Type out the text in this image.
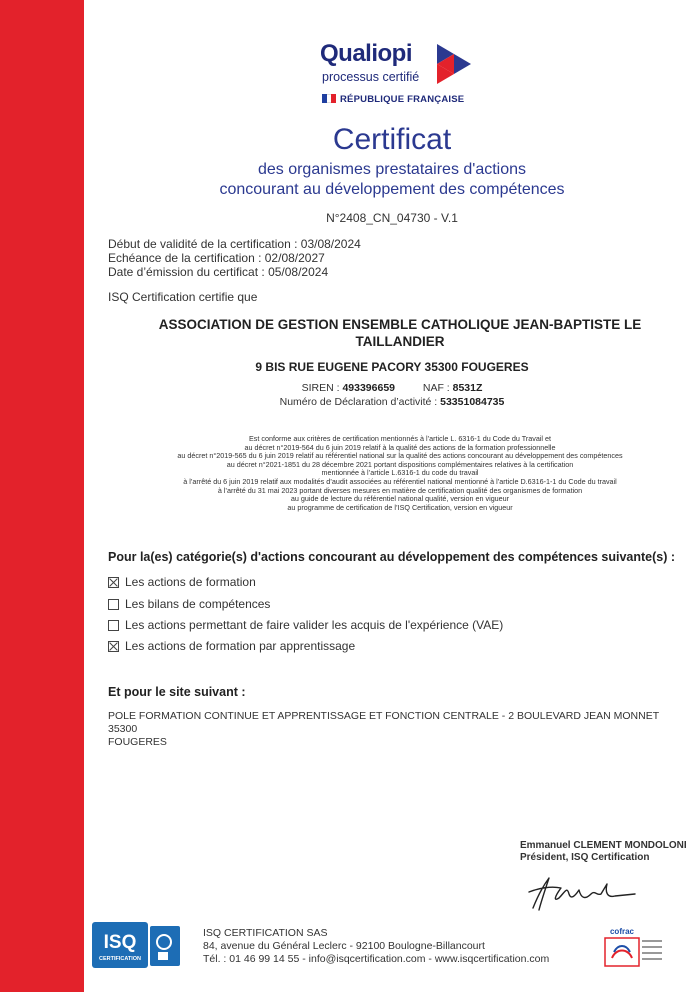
Qualiopi
processus certifié
RÉPUBLIQUE FRANÇAISE
Certificat
des organismes prestataires d'actions
concourant au développement des compétences
N°2408_CN_04730 - V.1
Début de validité de la certification : 03/08/2024
Echéance de la certification : 02/08/2027
Date d’émission du certificat : 05/08/2024
ISQ Certification certifie que
ASSOCIATION DE GESTION ENSEMBLE CATHOLIQUE JEAN-BAPTISTE LE
TAILLANDIER
9 BIS RUE EUGENE PACORY 35300 FOUGERES
SIREN : 493396659	NAF : 8531Z
Numéro de Déclaration d’activité : 53351084735
Est conforme aux critères de certification mentionnés à l’article L. 6316-1 du Code du Travail et
au décret n°2019-564 du 6 juin 2019 relatif à la qualité des actions de la formation professionnelle
au décret n°2019-565 du 6 juin 2019 relatif au référentiel national sur la qualité des actions concourant au développement des compétences
au décret n°2021-1851 du 28 décembre 2021 portant dispositions complémentaires relatives à la certification
mentionnée à l’article L.6316-1 du code du travail
à l’arrêté du 6 juin 2019 relatif aux modalités d’audit associées au référentiel national mentionné à l’article D.6316-1-1 du Code du travail
à l’arrêté du 31 mai 2023 portant diverses mesures en matière de certification qualité des organismes de formation
au guide de lecture du référentiel national qualité, version en vigueur
au programme de certification de l’ISQ Certification, version en vigueur
Pour la(es) catégorie(s) d'actions concourant au développement des compétences suivante(s) :
Les actions de formation
Les bilans de compétences
Les actions permettant de faire valider les acquis de l'expérience (VAE)
Les actions de formation par apprentissage
Et pour le site suivant :
POLE FORMATION CONTINUE ET APPRENTISSAGE ET FONCTION CENTRALE - 2 BOULEVARD JEAN MONNET 35300
FOUGERES
Emmanuel CLEMENT MONDOLONI
Président, ISQ Certification
ISQ
CERTIFICATION
ISQ CERTIFICATION SAS
84, avenue du Général Leclerc - 92100 Boulogne-Billancourt
Tél. : 01 46 99 14 55 - info@isqcertification.com - www.isqcertification.com
cofrac
